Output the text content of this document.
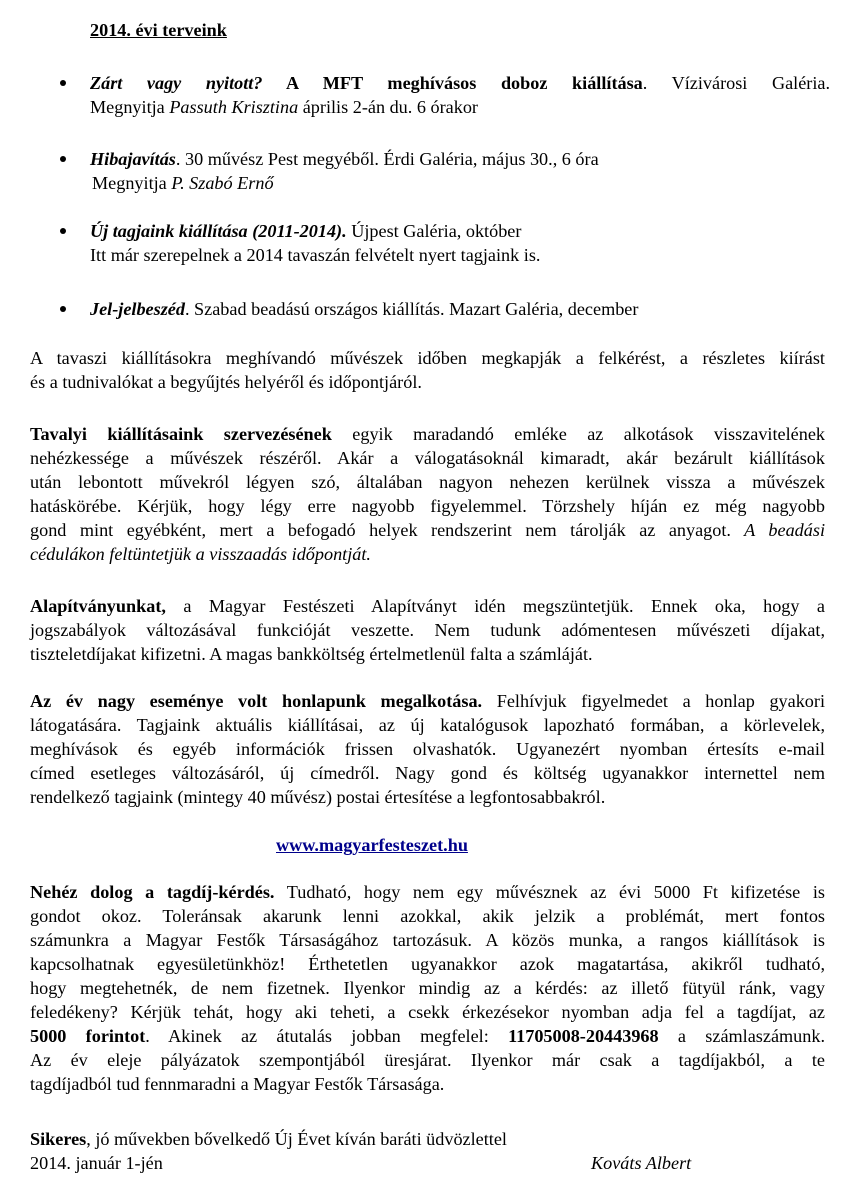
2014. évi terveink
Zárt vagy nyitott? A MFT meghívásos doboz kiállítása. Vízivárosi Galéria.
Megnyitja Passuth Krisztina április 2-án du. 6 órakor
Hibajavítás. 30 művész Pest megyéből. Érdi Galéria, május 30., 6 óra
Megnyitja P. Szabó Ernő
Új tagjaink kiállítása (2011-2014). Újpest Galéria, október
Itt már szerepelnek a 2014 tavaszán felvételt nyert tagjaink is.
Jel-jelbeszéd. Szabad beadású országos kiállítás. Mazart Galéria, december
A tavaszi kiállításokra meghívandó művészek időben megkapják a felkérést, a részletes kiírást
és a tudnivalókat a begyűjtés helyéről és időpontjáról.
Tavalyi kiállításaink szervezésének egyik maradandó emléke az alkotások visszavitelének
nehézkessége a művészek részéről. Akár a válogatásoknál kimaradt, akár bezárult kiállítások
után lebontott művekról légyen szó, általában nagyon nehezen kerülnek vissza a művészek
hatáskörébe. Kérjük, hogy légy erre nagyobb figyelemmel. Törzshely híján ez még nagyobb
gond mint egyébként, mert a befogadó helyek rendszerint nem tárolják az anyagot. A beadási
cédulákon feltüntetjük a visszaadás időpontját.
Alapítványunkat, a Magyar Festészeti Alapítványt idén megszüntetjük. Ennek oka, hogy a
jogszabályok változásával funkcióját veszette. Nem tudunk adómentesen művészeti díjakat,
tiszteletdíjakat kifizetni. A magas bankköltség értelmetlenül falta a számláját.
Az év nagy eseménye volt honlapunk megalkotása. Felhívjuk figyelmedet a honlap gyakori
látogatására. Tagjaink aktuális kiállításai, az új katalógusok lapozható formában, a körlevelek,
meghívások és egyéb információk frissen olvashatók. Ugyanezért nyomban értesíts e-mail
címed esetleges változásáról, új címedről. Nagy gond és költség ugyanakkor internettel nem
rendelkező tagjaink (mintegy 40 művész) postai értesítése a legfontosabbakról.
www.magyarfesteszet.hu
Nehéz dolog a tagdíj-kérdés. Tudható, hogy nem egy művésznek az évi 5000 Ft kifizetése is
gondot okoz. Toleránsak akarunk lenni azokkal, akik jelzik a problémát, mert fontos
számunkra a Magyar Festők Társaságához tartozásuk. A közös munka, a rangos kiállítások is
kapcsolhatnak egyesületünkhöz! Érthetetlen ugyanakkor azok magatartása, akikről tudható,
hogy megtehetnék, de nem fizetnek. Ilyenkor mindig az a kérdés: az illető fütyül ránk, vagy
feledékeny? Kérjük tehát, hogy aki teheti, a csekk érkezésekor nyomban adja fel a tagdíjat, az
5000 forintot. Akinek az átutalás jobban megfelel: 11705008-20443968 a számlaszámunk.
Az év eleje pályázatok szempontjából üresjárat. Ilyenkor már csak a tagdíjakból, a te
tagdíjadból tud fennmaradni a Magyar Festők Társasága.
Sikeres, jó művekben bővelkedő Új Évet kíván baráti üdvözlettel
2014. január 1-jén	Kováts Albert
